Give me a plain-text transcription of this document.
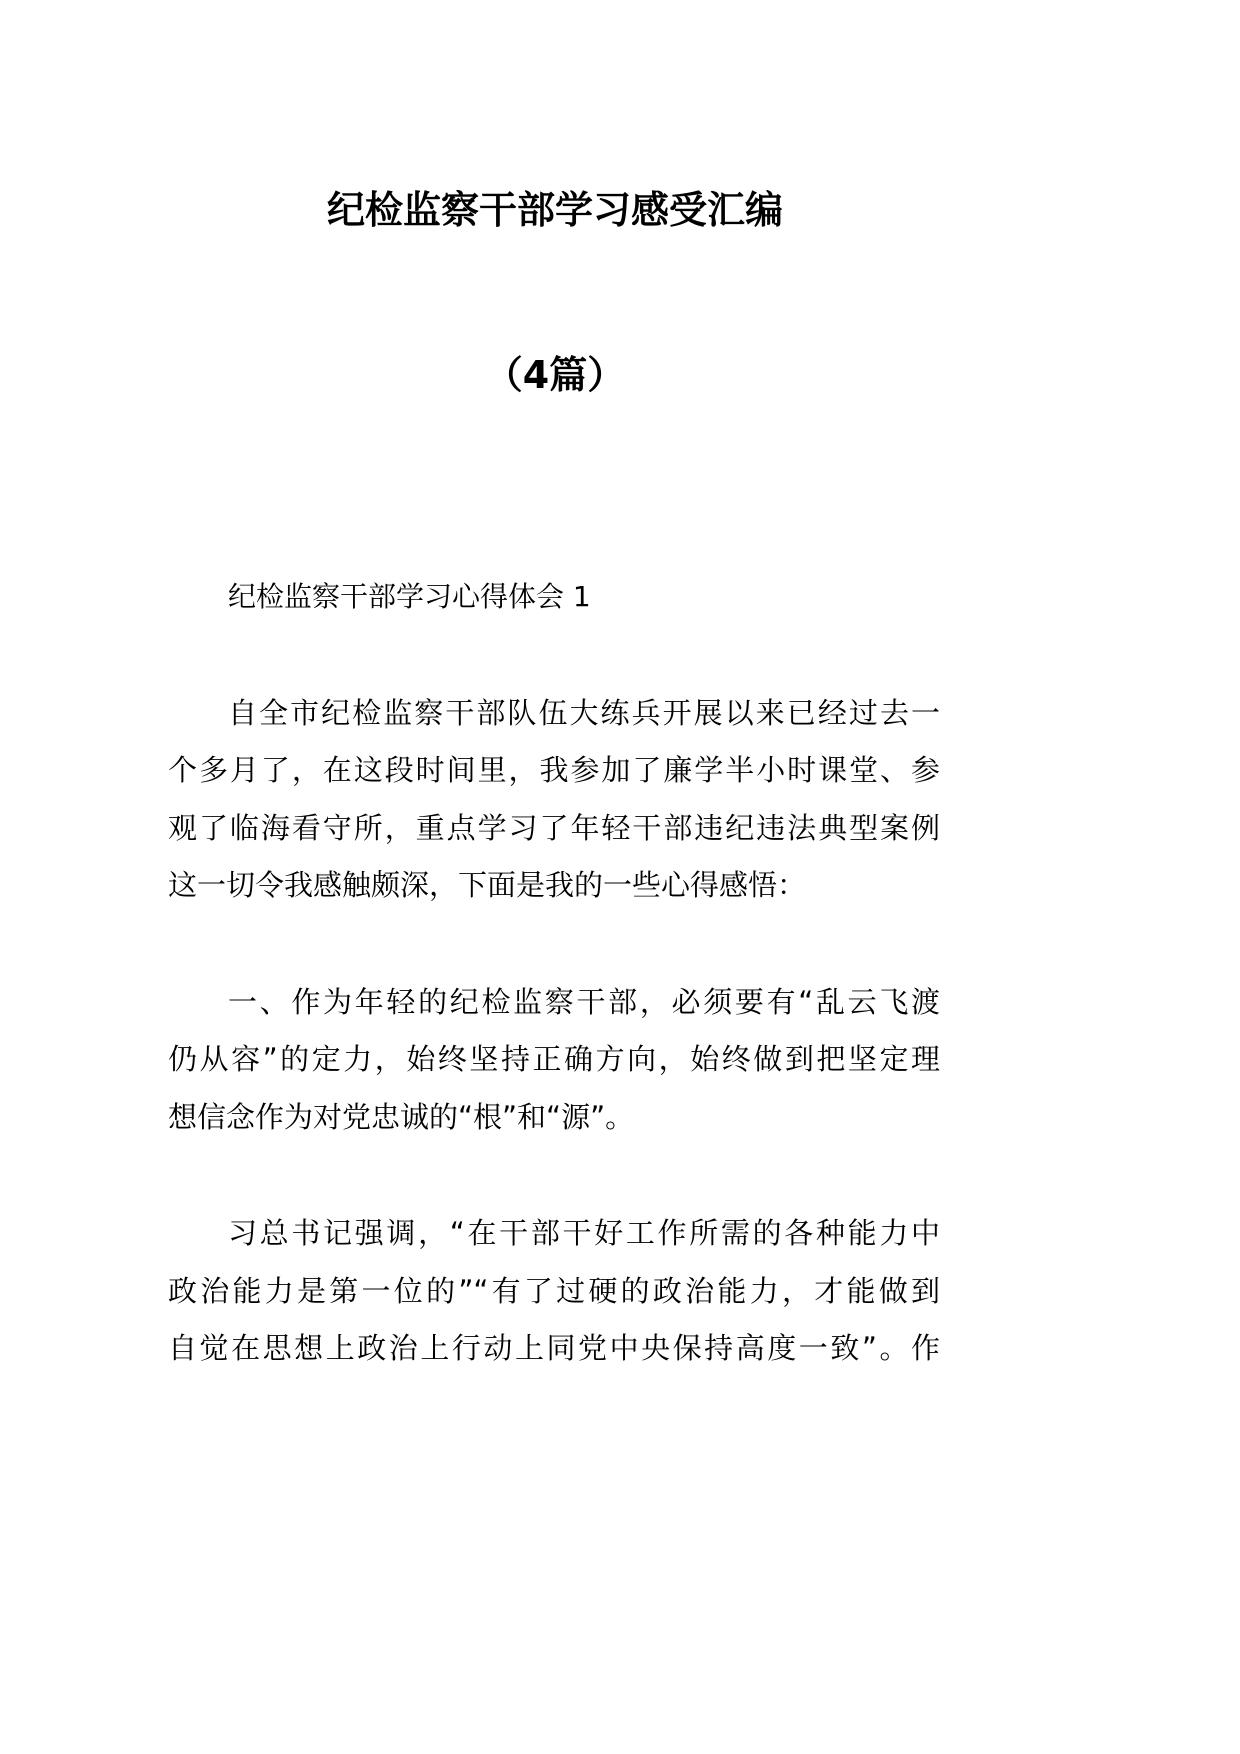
纪检监察干部学习感受汇编
（4篇）
纪检监察干部学习心得体会 1
自全市纪检监察干部队伍大练兵开展以来已经过去一
个多月了，在这段时间里，我参加了廉学半小时课堂、参
观了临海看守所，重点学习了年轻干部违纪违法典型案例
这一切令我感触颇深，下面是我的一些心得感悟：
一、作为年轻的纪检监察干部，必须要有“乱云飞渡
仍从容”的定力，始终坚持正确方向，始终做到把坚定理
想信念作为对党忠诚的“根”和“源”。
习总书记强调，“在干部干好工作所需的各种能力中
政治能力是第一位的”“有了过硬的政治能力，才能做到
自觉在思想上政治上行动上同党中央保持高度一致”。作
